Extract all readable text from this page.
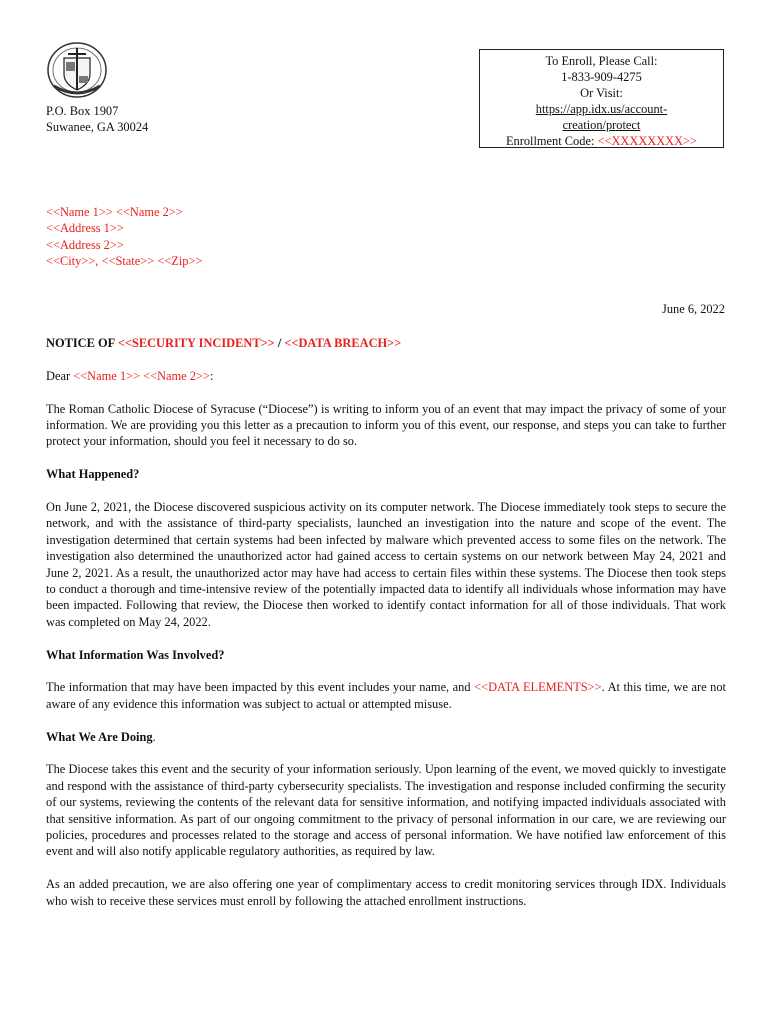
P.O. Box 1907
Suwanee, GA 30024
To Enroll, Please Call:
1-833-909-4275
Or Visit:
https://app.idx.us/account-
creation/protect
Enrollment Code: <<XXXXXXXX>>
<<Name 1>> <<Name 2>>
<<Address 1>>
<<Address 2>>
<<City>>, <<State>> <<Zip>>
June 6, 2022

NOTICE OF <<SECURITY INCIDENT>> / <<DATA BREACH>>

Dear <<Name 1>> <<Name 2>>:

The Roman Catholic Diocese of Syracuse (“Diocese”) is writing to inform you of an event that may impact the privacy of some of your information. We are providing you this letter as a precaution to inform you of this event, our response, and steps you can take to further protect your information, should you feel it necessary to do so.

What Happened?

On June 2, 2021, the Diocese discovered suspicious activity on its computer network. The Diocese immediately took steps to secure the network, and with the assistance of third-party specialists, launched an investigation into the nature and scope of the event. The investigation determined that certain systems had been infected by malware which prevented access to some files on the network. The investigation also determined the unauthorized actor had gained access to certain systems on our network between May 24, 2021 and June 2, 2021. As a result, the unauthorized actor may have had access to certain files within these systems. The Diocese then took steps to conduct a thorough and time-intensive review of the potentially impacted data to identify all individuals whose information may have been impacted. Following that review, the Diocese then worked to identify contact information for all of those individuals. That work was completed on May 24, 2022.

What Information Was Involved?

The information that may have been impacted by this event includes your name, and <<DATA ELEMENTS>>. At this time, we are not aware of any evidence this information was subject to actual or attempted misuse.

What We Are Doing.

The Diocese takes this event and the security of your information seriously. Upon learning of the event, we moved quickly to investigate and respond with the assistance of third-party cybersecurity specialists. The investigation and response included confirming the security of our systems, reviewing the contents of the relevant data for sensitive information, and notifying impacted individuals associated with that sensitive information. As part of our ongoing commitment to the privacy of personal information in our care, we are reviewing our policies, procedures and processes related to the storage and access of personal information. We have notified law enforcement of this event and will also notify applicable regulatory authorities, as required by law.

As an added precaution, we are also offering one year of complimentary access to credit monitoring services through IDX. Individuals who wish to receive these services must enroll by following the attached enrollment instructions.
